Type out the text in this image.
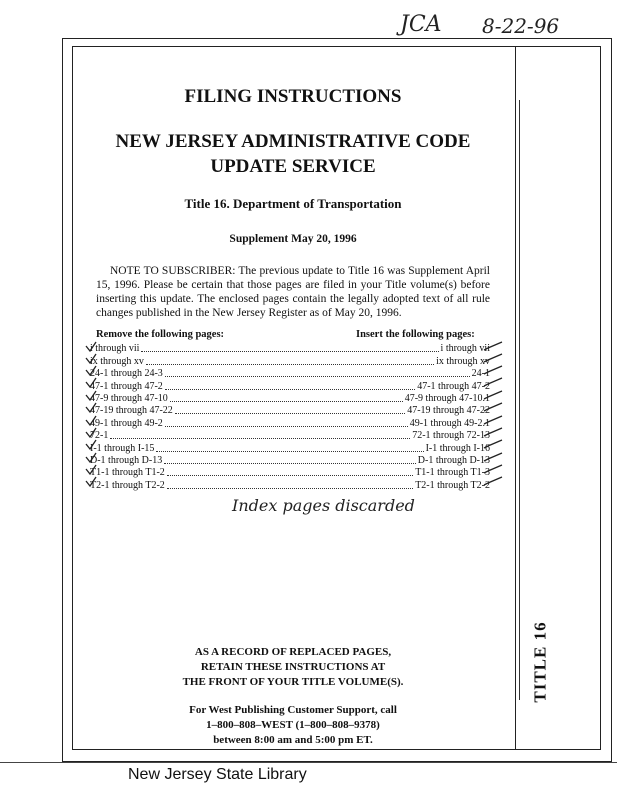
TITLE 16
JCA 8-22-96
FILING INSTRUCTIONS
NEW JERSEY ADMINISTRATIVE CODE
UPDATE SERVICE
Title 16. Department of Transportation
Supplement May 20, 1996

NOTE TO SUBSCRIBER: The previous update to Title 16 was Supplement April 15, 1996. Please be certain that those pages are filed in your Title volume(s) before inserting this update. The enclosed pages contain the legally adopted text of all rule changes published in the New Jersey Register as of May 20, 1996.

Remove the following pages:	Insert the following pages:
i through vii	i through vii
ix through xv	ix through xv
24-1 through 24-3	24-1
47-1 through 47-2	47-1 through 47-2
47-9 through 47-10	47-9 through 47-10.1
47-19 through 47-22	47-19 through 47-22
49-1 through 49-2	49-1 through 49-2.1
72-1	72-1 through 72-13
I-1 through I-15	I-1 through I-16
D-1 through D-13	D-1 through D-13
T1-1 through T1-2	T1-1 through T1-3
T2-1 through T2-2	T2-1 through T2-2
Index pages discarded
AS A RECORD OF REPLACED PAGES,
RETAIN THESE INSTRUCTIONS AT
THE FRONT OF YOUR TITLE VOLUME(S).
For West Publishing Customer Support, call
1–800–808–WEST (1–800–808–9378)
between 8:00 am and 5:00 pm ET.
New Jersey State Library
